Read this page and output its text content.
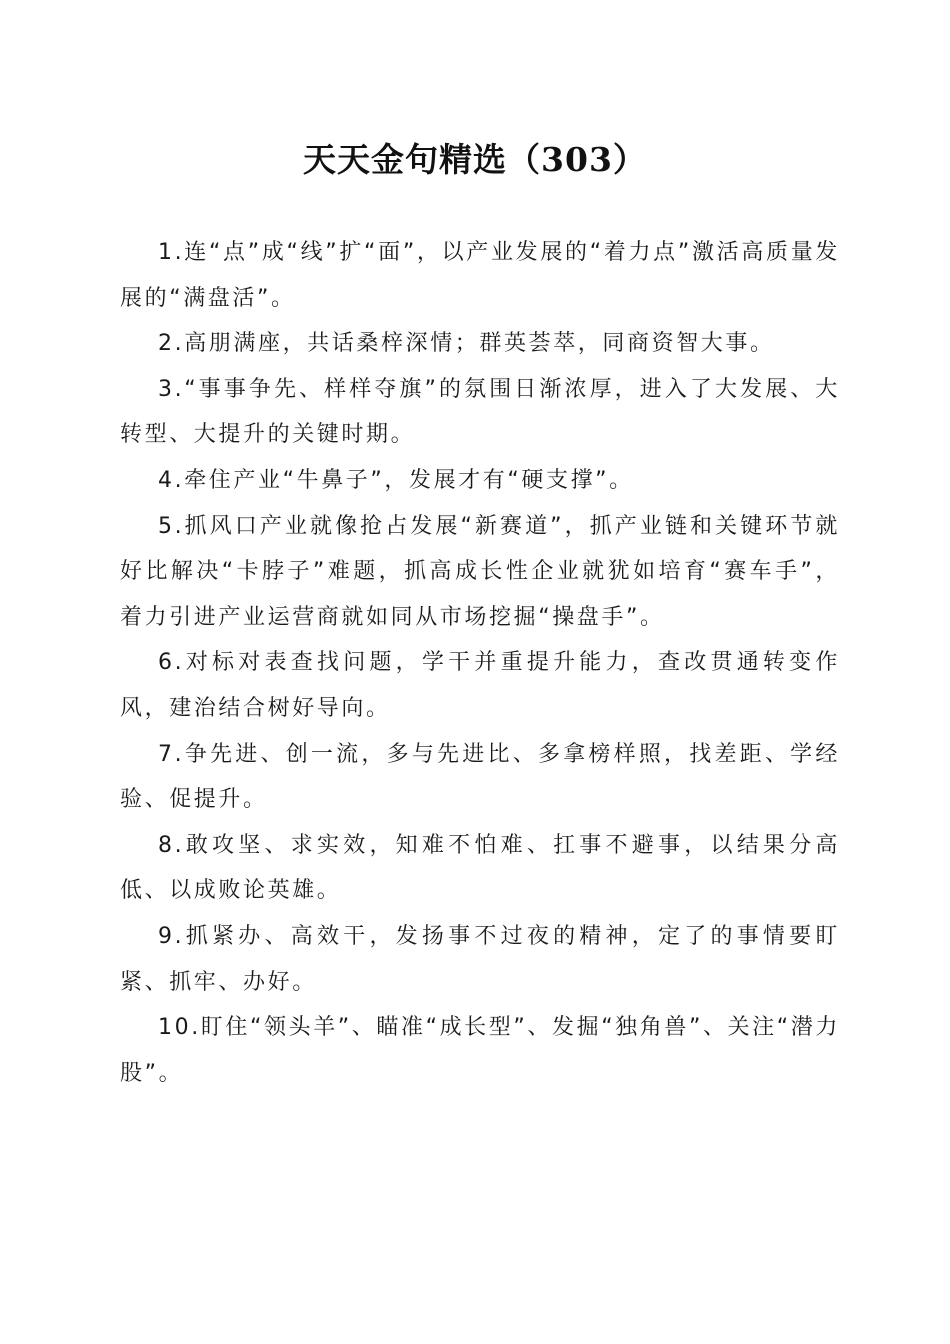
天天金句精选（303）

1.连“点”成“线”扩“面”，以产业发展的“着力点”激活高质量发展的“满盘活”。

2.高朋满座，共话桑梓深情；群英荟萃，同商资智大事。

3.“事事争先、样样夺旗”的氛围日渐浓厚，进入了大发展、大转型、大提升的关键时期。

4.牵住产业“牛鼻子”，发展才有“硬支撑”。

5.抓风口产业就像抢占发展“新赛道”，抓产业链和关键环节就好比解决“卡脖子”难题，抓高成长性企业就犹如培育“赛车手”，着力引进产业运营商就如同从市场挖掘“操盘手”。

6.对标对表查找问题，学干并重提升能力，查改贯通转变作风，建治结合树好导向。

7.争先进、创一流，多与先进比、多拿榜样照，找差距、学经验、促提升。

8.敢攻坚、求实效，知难不怕难、扛事不避事，以结果分高低、以成败论英雄。

9.抓紧办、高效干，发扬事不过夜的精神，定了的事情要盯紧、抓牢、办好。

10.盯住“领头羊”、瞄准“成长型”、发掘“独角兽”、关注“潜力股”。
